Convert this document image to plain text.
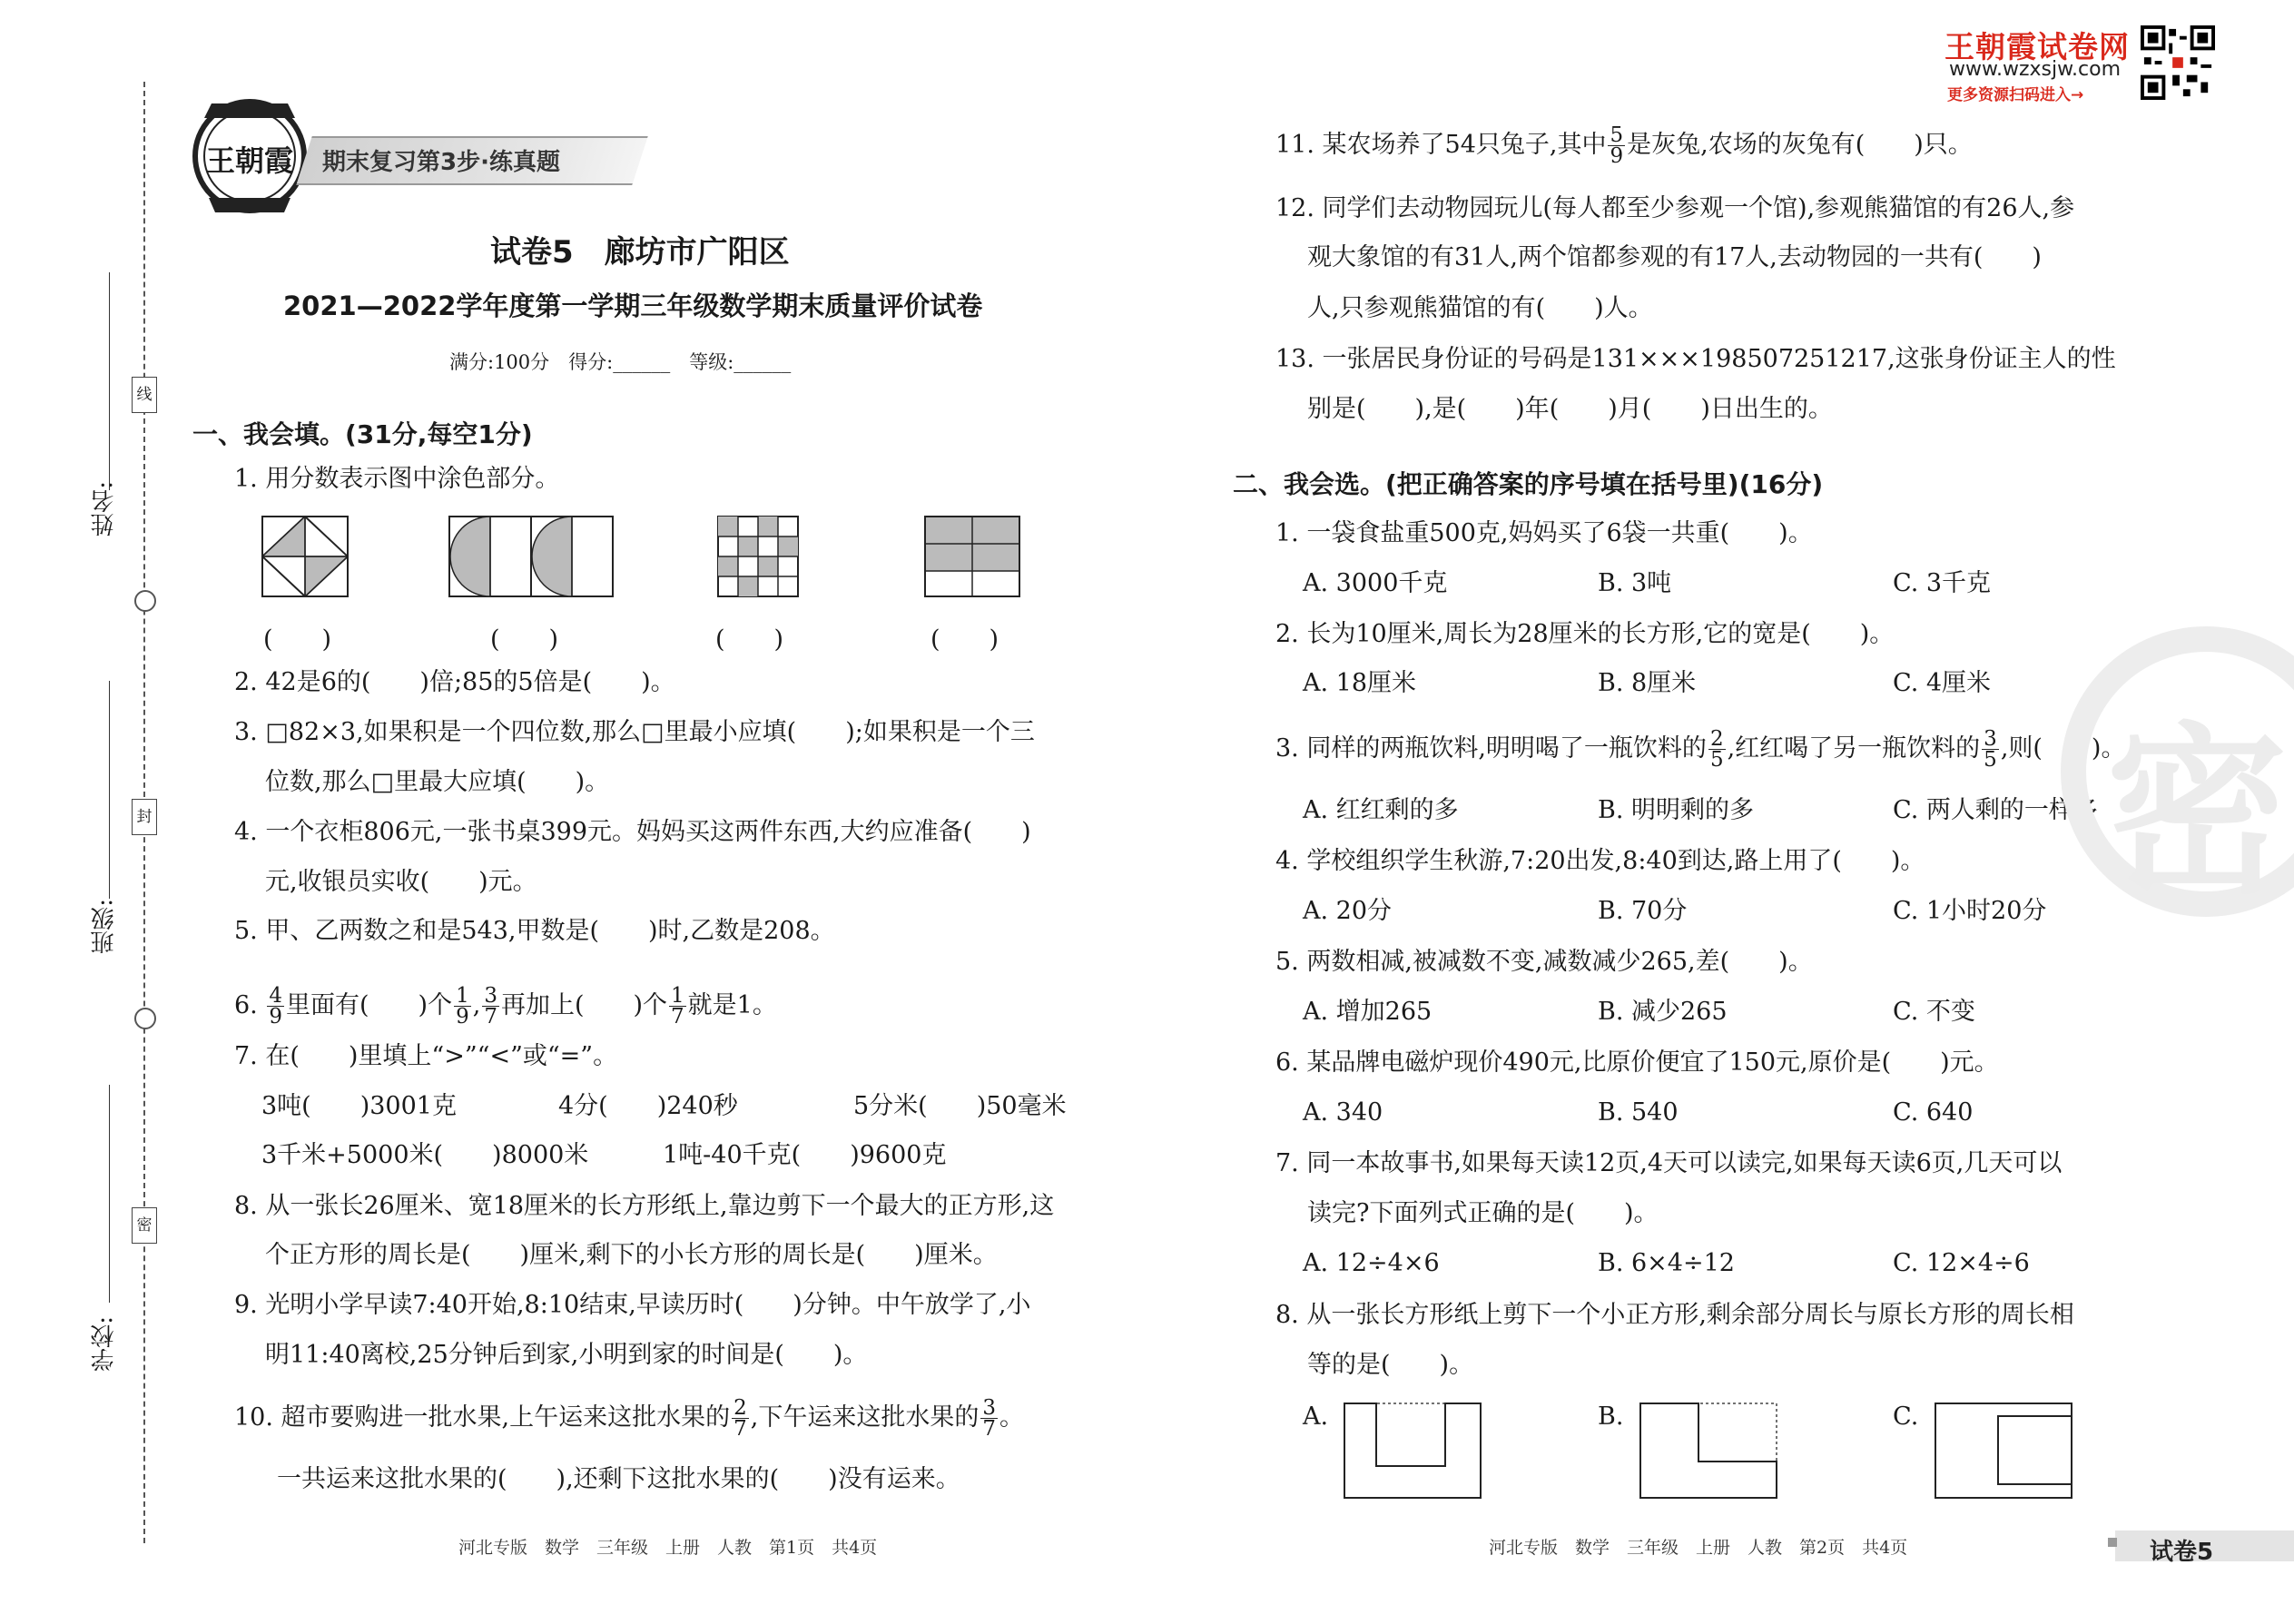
线
封
密
姓名:
班级:
学校:
王朝霞 期末复习第3步·练真题
王朝霞试卷网
www.wzxsjw.com
更多资源扫码进入→
试卷5　廊坊市广阳区
2021—2022学年度第一学期三年级数学期末质量评价试卷
满分:100分　得分:______　等级:______
一、我会填。(31分,每空1分)
1. 用分数表示图中涂色部分。
(　　)	(　　)	(　　)	(　　)
2. 42是6的(　　)倍;85的5倍是(　　)。
3. □82×3,如果积是一个四位数,那么□里最小应填(　　);如果积是一个三
位数,那么□里最大应填(　　)。
4. 一个衣柜806元,一张书桌399元。妈妈买这两件东西,大约应准备(　　)
元,收银员实收(　　)元。
5. 甲、乙两数之和是543,甲数是(　　)时,乙数是208。
6. $\frac{4}{9}$ 里面有(　　)个 $\frac{1}{9}$ , $\frac{3}{7}$ 再加上(　　)个 $\frac{1}{7}$ 就是1。
7. 在(　　)里填上“>”“<”或“=”。
3吨(　　)3001克	4分(　　)240秒	5分米(　　)50毫米
3千米+5000米(　　)8000米	1吨-40千克(　　)9600克
8. 从一张长26厘米、宽18厘米的长方形纸上,靠边剪下一个最大的正方形,这
个正方形的周长是(　　)厘米,剩下的小长方形的周长是(　　)厘米。
9. 光明小学早读7:40开始,8:10结束,早读历时(　　)分钟。中午放学了,小
明11:40离校,25分钟后到家,小明到家的时间是(　　)。
10. 超市要购进一批水果,上午运来这批水果的 $\frac{2}{7}$ ,下午运来这批水果的 $\frac{3}{7}$ 。
一共运来这批水果的(　　),还剩下这批水果的(　　)没有运来。
11. 某农场养了54只兔子,其中 $\frac{5}{9}$ 是灰兔,农场的灰兔有(　　)只。
12. 同学们去动物园玩儿(每人都至少参观一个馆),参观熊猫馆的有26人,参
观大象馆的有31人,两个馆都参观的有17人,去动物园的一共有(　　)
人,只参观熊猫馆的有(　　)人。
13. 一张居民身份证的号码是131×××198507251217,这张身份证主人的性
别是(　　),是(　　)年(　　)月(　　)日出生的。
二、我会选。(把正确答案的序号填在括号里)(16分)
1. 一袋食盐重500克,妈妈买了6袋一共重(　　)。
A. 3000千克	B. 3吨	C. 3千克
2. 长为10厘米,周长为28厘米的长方形,它的宽是(　　)。
A. 18厘米	B. 8厘米	C. 4厘米
3. 同样的两瓶饮料,明明喝了一瓶饮料的 $\frac{2}{5}$ ,红红喝了另一瓶饮料的 $\frac{3}{5}$ ,则(　　)。
A. 红红剩的多	B. 明明剩的多	C. 两人剩的一样多
4. 学校组织学生秋游,7:20出发,8:40到达,路上用了(　　)。
A. 20分	B. 70分	C. 1小时20分
5. 两数相减,被减数不变,减数减少265,差(　　)。
A. 增加265	B. 减少265	C. 不变
6. 某品牌电磁炉现价490元,比原价便宜了150元,原价是(　　)元。
A. 340	B. 540	C. 640
7. 同一本故事书,如果每天读12页,4天可以读完,如果每天读6页,几天可以
读完?下面列式正确的是(　　)。
A. 12÷4×6	B. 6×4÷12	C. 12×4÷6
8. 从一张长方形纸上剪下一个小正方形,剩余部分周长与原长方形的周长相
等的是(　　)。
A.	B.	C.
密
河北专版　数学　三年级　上册　人教　第1页　共4页	河北专版　数学　三年级　上册　人教　第2页　共4页	试卷5
